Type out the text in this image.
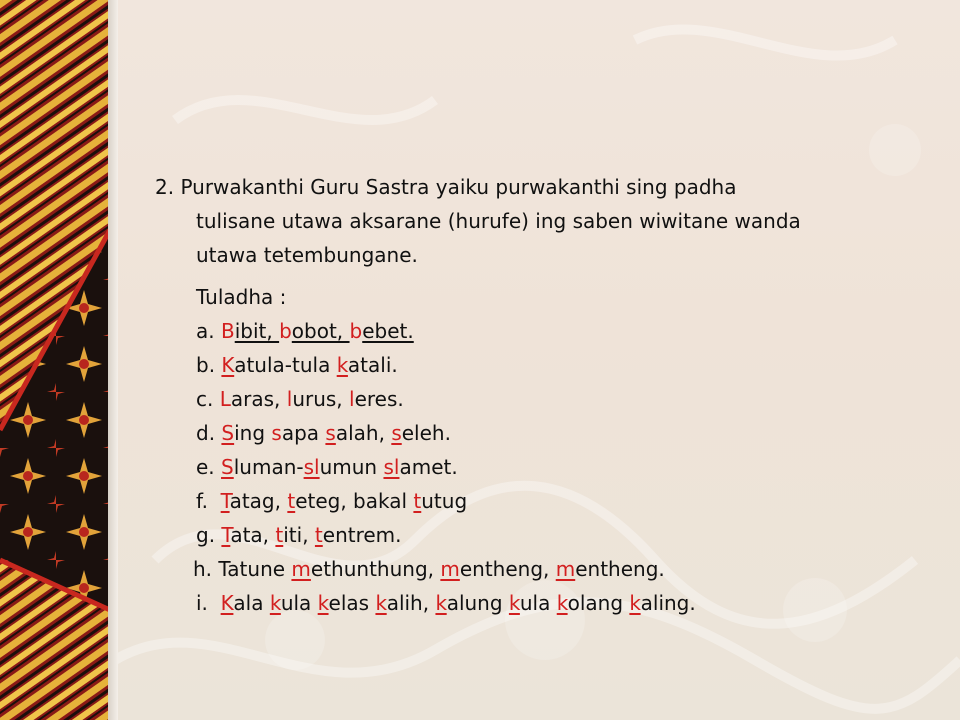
2. Purwakanthi Guru Sastra yaiku purwakanthi sing padha
tulisane utawa aksarane (hurufe) ing saben wiwitane wanda
utawa tetembungane.
Tuladha :
a. Bibit, bobot, bebet.
b. Katula-tula katali.
c. Laras, lurus, leres.
d. Sing sapa salah, seleh.
e. Sluman-slumun slamet.
f.  Tatag, teteg, bakal tutug
g. Tata, titi, tentrem.
h. Tatune methunthung, mentheng, mentheng.
i.  Kala kula kelas kalih, kalung kula kolang kaling.
